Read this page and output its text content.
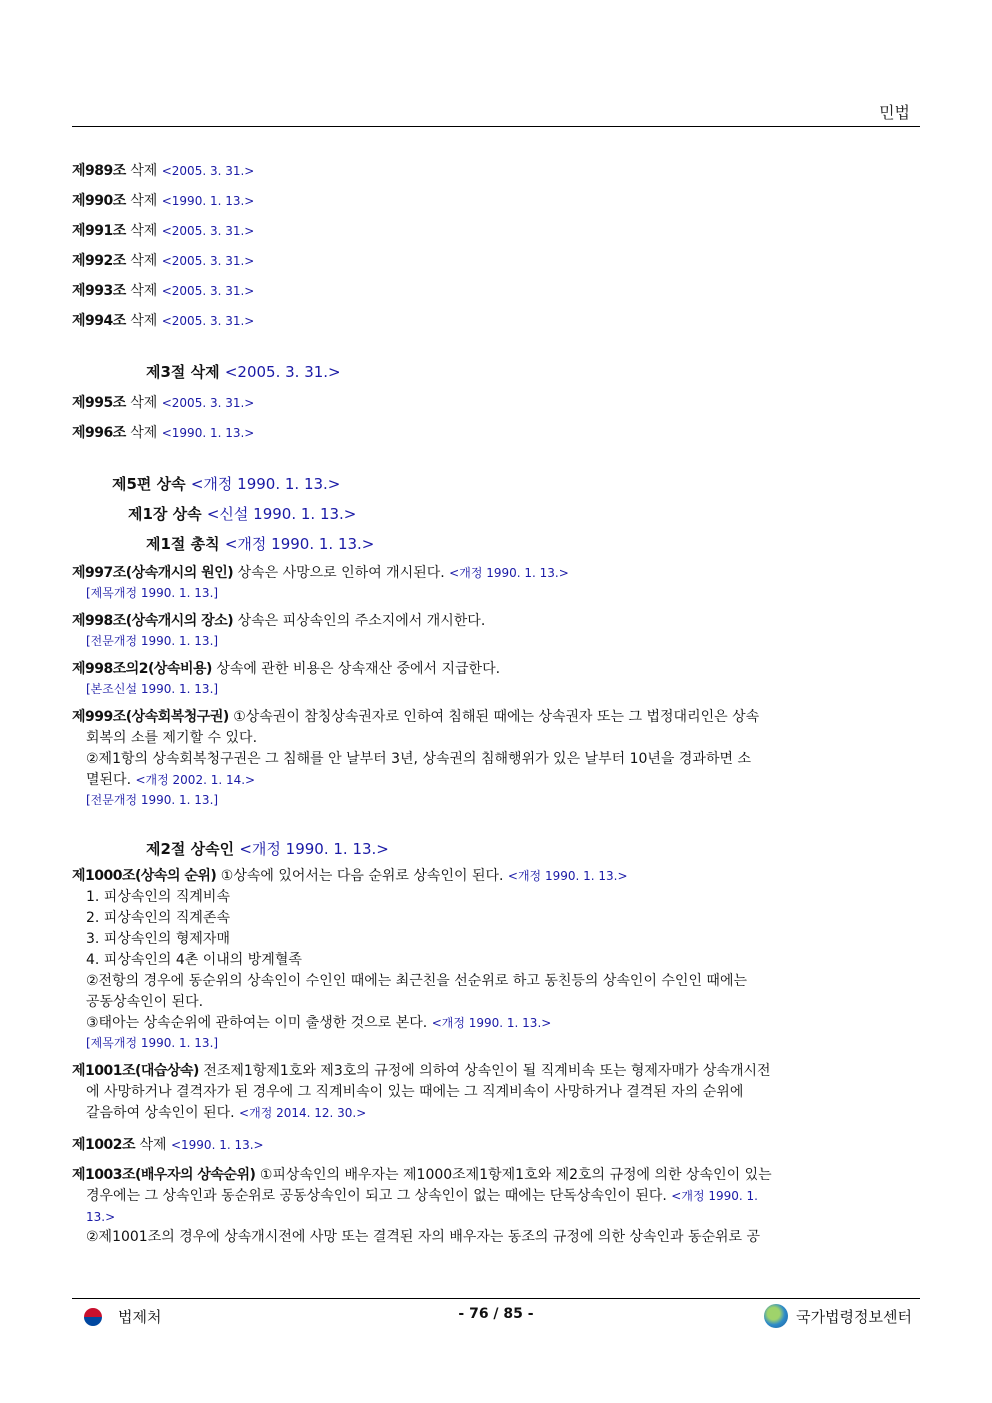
민법
제989조 삭제 <2005. 3. 31.>
제990조 삭제 <1990. 1. 13.>
제991조 삭제 <2005. 3. 31.>
제992조 삭제 <2005. 3. 31.>
제993조 삭제 <2005. 3. 31.>
제994조 삭제 <2005. 3. 31.>
제3절 삭제 <2005. 3. 31.>
제995조 삭제 <2005. 3. 31.>
제996조 삭제 <1990. 1. 13.>
제5편 상속 <개정 1990. 1. 13.>
제1장 상속 <신설 1990. 1. 13.>
제1절 총칙 <개정 1990. 1. 13.>
제997조(상속개시의 원인) 상속은 사망으로 인하여 개시된다. <개정 1990. 1. 13.>
[제목개정 1990. 1. 13.]
제998조(상속개시의 장소) 상속은 피상속인의 주소지에서 개시한다.
[전문개정 1990. 1. 13.]
제998조의2(상속비용) 상속에 관한 비용은 상속재산 중에서 지급한다.
[본조신설 1990. 1. 13.]
제999조(상속회복청구권) ①상속권이 참칭상속권자로 인하여 침해된 때에는 상속권자 또는 그 법정대리인은 상속
회복의 소를 제기할 수 있다.
②제1항의 상속회복청구권은 그 침해를 안 날부터 3년, 상속권의 침해행위가 있은 날부터 10년을 경과하면 소
멸된다. <개정 2002. 1. 14.>
[전문개정 1990. 1. 13.]
제2절 상속인 <개정 1990. 1. 13.>
제1000조(상속의 순위) ①상속에 있어서는 다음 순위로 상속인이 된다. <개정 1990. 1. 13.>
1. 피상속인의 직계비속
2. 피상속인의 직계존속
3. 피상속인의 형제자매
4. 피상속인의 4촌 이내의 방계혈족
②전항의 경우에 동순위의 상속인이 수인인 때에는 최근친을 선순위로 하고 동친등의 상속인이 수인인 때에는
공동상속인이 된다.
③태아는 상속순위에 관하여는 이미 출생한 것으로 본다. <개정 1990. 1. 13.>
[제목개정 1990. 1. 13.]
제1001조(대습상속) 전조제1항제1호와 제3호의 규정에 의하여 상속인이 될 직계비속 또는 형제자매가 상속개시전
에 사망하거나 결격자가 된 경우에 그 직계비속이 있는 때에는 그 직계비속이 사망하거나 결격된 자의 순위에
갈음하여 상속인이 된다. <개정 2014. 12. 30.>
제1002조 삭제 <1990. 1. 13.>
제1003조(배우자의 상속순위) ①피상속인의 배우자는 제1000조제1항제1호와 제2호의 규정에 의한 상속인이 있는
경우에는 그 상속인과 동순위로 공동상속인이 되고 그 상속인이 없는 때에는 단독상속인이 된다. <개정 1990. 1.
13.>
②제1001조의 경우에 상속개시전에 사망 또는 결격된 자의 배우자는 동조의 규정에 의한 상속인과 동순위로 공
법제처	- 76 / 85 -	국가법령정보센터
